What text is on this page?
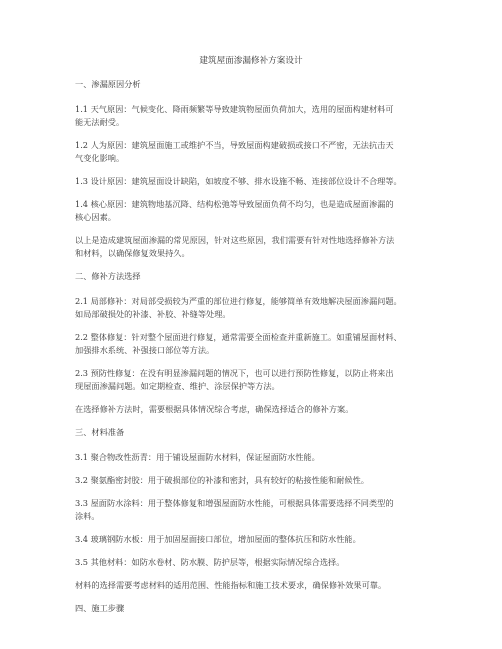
建筑屋面渗漏修补方案设计
一、渗漏原因分析
1.1 天气原因：气候变化、降雨频繁等导致建筑物屋面负荷加大，选用的屋面构建材料可
能无法耐受。
1.2 人为原因：建筑屋面施工或维护不当，导致屋面构建破损或接口不严密，无法抗击天
气变化影响。
1.3 设计原因：建筑屋面设计缺陷，如坡度不够、排水设施不畅、连接部位设计不合理等。
1.4 核心原因：建筑物地基沉降、结构松弛等导致屋面负荷不均匀，也是造成屋面渗漏的
核心因素。
以上是造成建筑屋面渗漏的常见原因，针对这些原因，我们需要有针对性地选择修补方法
和材料，以确保修复效果持久。
二、修补方法选择
2.1 局部修补：对局部受损较为严重的部位进行修复，能够简单有效地解决屋面渗漏问题。
如局部破损处的补漆、补胶、补缝等处理。
2.2 整体修复：针对整个屋面进行修复，通常需要全面检查并重新施工。如重铺屋面材料、
加强排水系统、补强接口部位等方法。
2.3 预防性修复：在没有明显渗漏问题的情况下，也可以进行预防性修复，以防止将来出
现屋面渗漏问题。如定期检查、维护、涂层保护等方法。
在选择修补方法时，需要根据具体情况综合考虑，确保选择适合的修补方案。
三、材料准备
3.1 聚合物改性沥青：用于铺设屋面防水材料，保证屋面防水性能。
3.2 聚氨酯密封胶：用于破损部位的补漆和密封，具有较好的粘接性能和耐候性。
3.3 屋面防水涂料：用于整体修复和增强屋面防水性能，可根据具体需要选择不同类型的
涂料。
3.4 玻璃钢防水板：用于加固屋面接口部位，增加屋面的整体抗压和防水性能。
3.5 其他材料：如防水卷材、防水膜、防护层等，根据实际情况综合选择。
材料的选择需要考虑材料的适用范围、性能指标和施工技术要求，确保修补效果可靠。
四、施工步骤
